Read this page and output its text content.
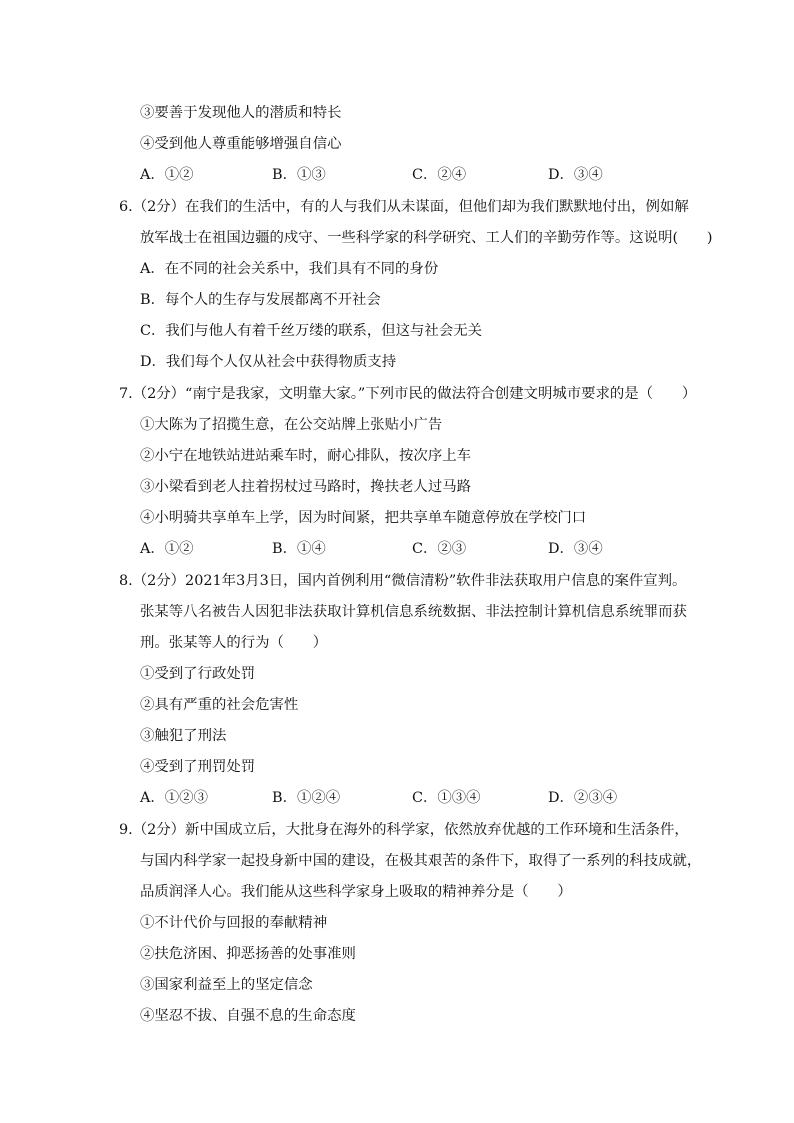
③要善于发现他人的潜质和特长
④受到他人尊重能够增强自信心
A．①②	B．①③	C．②④	D．③④
6.（2分）在我们的生活中，有的人与我们从未谋面，但他们却为我们默默地付出，例如解
放军战士在祖国边疆的戍守、一些科学家的科学研究、工人们的辛勤劳作等。这说明(　　)
A．在不同的社会关系中，我们具有不同的身份
B．每个人的生存与发展都离不开社会
C．我们与他人有着千丝万缕的联系，但这与社会无关
D．我们每个人仅从社会中获得物质支持
7.（2分）“南宁是我家，文明靠大家。”下列市民的做法符合创建文明城市要求的是（　　）
①大陈为了招揽生意，在公交站牌上张贴小广告
②小宁在地铁站进站乘车时，耐心排队，按次序上车
③小梁看到老人拄着拐杖过马路时，搀扶老人过马路
④小明骑共享单车上学，因为时间紧，把共享单车随意停放在学校门口
A．①②	B．①④	C．②③	D．③④
8.（2分）2021年3月3日，国内首例利用“微信清粉”软件非法获取用户信息的案件宣判。
张某等八名被告人因犯非法获取计算机信息系统数据、非法控制计算机信息系统罪而获
刑。张某等人的行为（　　）
①受到了行政处罚
②具有严重的社会危害性
③触犯了刑法
④受到了刑罚处罚
A．①②③	B．①②④	C．①③④	D．②③④
9.（2分）新中国成立后，大批身在海外的科学家，依然放弃优越的工作环境和生活条件，
与国内科学家一起投身新中国的建设，在极其艰苦的条件下，取得了一系列的科技成就，
品质润泽人心。我们能从这些科学家身上吸取的精神养分是（　　）
①不计代价与回报的奉献精神
②扶危济困、抑恶扬善的处事准则
③国家利益至上的坚定信念
④坚忍不拔、自强不息的生命态度
